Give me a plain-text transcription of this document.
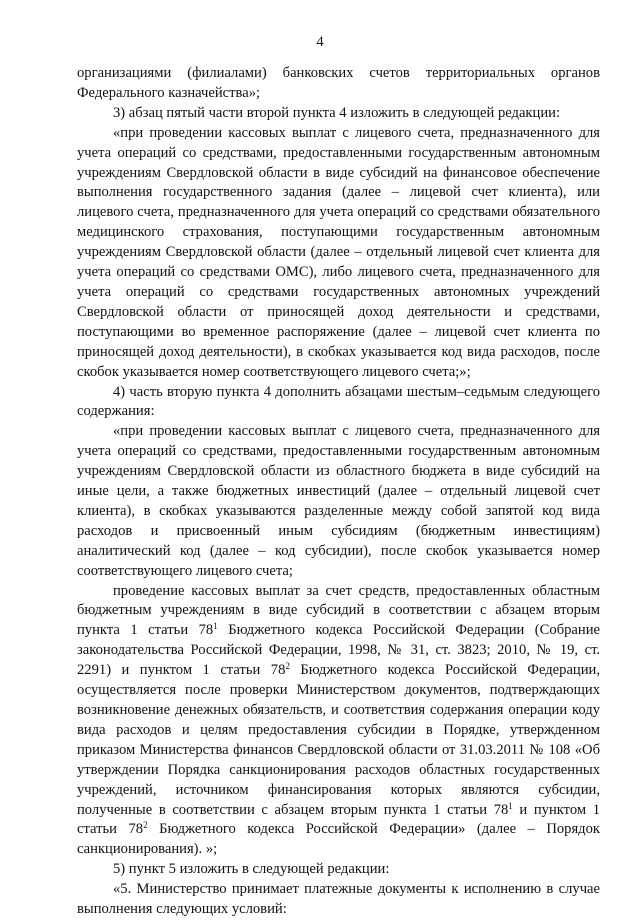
4

организациями (филиалами) банковских счетов территориальных органов Федерального казначейства»;

3) абзац пятый части второй пункта 4 изложить в следующей редакции:

«при проведении кассовых выплат с лицевого счета, предназначенного для учета операций со средствами, предоставленными государственным автономным учреждениям Свердловской области в виде субсидий на финансовое обеспечение выполнения государственного задания (далее – лицевой счет клиента), или лицевого счета, предназначенного для учета операций со средствами обязательного медицинского страхования, поступающими государственным автономным учреждениям Свердловской области (далее – отдельный лицевой счет клиента для учета операций со средствами ОМС), либо лицевого счета, предназначенного для учета операций со средствами государственных автономных учреждений Свердловской области от приносящей доход деятельности и средствами, поступающими во временное распоряжение (далее – лицевой счет клиента по приносящей доход деятельности), в скобках указывается код вида расходов, после скобок указывается номер соответствующего лицевого счета;»;

4) часть вторую пункта 4 дополнить абзацами шестым–седьмым следующего содержания:

«при проведении кассовых выплат с лицевого счета, предназначенного для учета операций со средствами, предоставленными государственным автономным учреждениям Свердловской области из областного бюджета в виде субсидий на иные цели, а также бюджетных инвестиций (далее – отдельный лицевой счет клиента), в скобках указываются разделенные между собой запятой код вида расходов и присвоенный иным субсидиям (бюджетным инвестициям) аналитический код (далее – код субсидии), после скобок указывается номер соответствующего лицевого счета;

проведение кассовых выплат за счет средств, предоставленных областным бюджетным учреждениям в виде субсидий в соответствии с абзацем вторым пункта 1 статьи $78^1$ Бюджетного кодекса Российской Федерации (Собрание законодательства Российской Федерации, 1998, № 31, ст. 3823; 2010, № 19, ст. 2291) и пунктом 1 статьи $78^2$ Бюджетного кодекса Российской Федерации, осуществляется после проверки Министерством документов, подтверждающих возникновение денежных обязательств, и соответствия содержания операции коду вида расходов и целям предоставления субсидии в Порядке, утвержденном приказом Министерства финансов Свердловской области от 31.03.2011 № 108 «Об утверждении Порядка санкционирования расходов областных государственных учреждений, источником финансирования которых являются субсидии, полученные в соответствии с абзацем вторым пункта 1 статьи $78^1$ и пунктом 1 статьи $78^2$ Бюджетного кодекса Российской Федерации» (далее – Порядок санкционирования). »;

5) пункт 5 изложить в следующей редакции:

«5. Министерство принимает платежные документы к исполнению в случае выполнения следующих условий:
